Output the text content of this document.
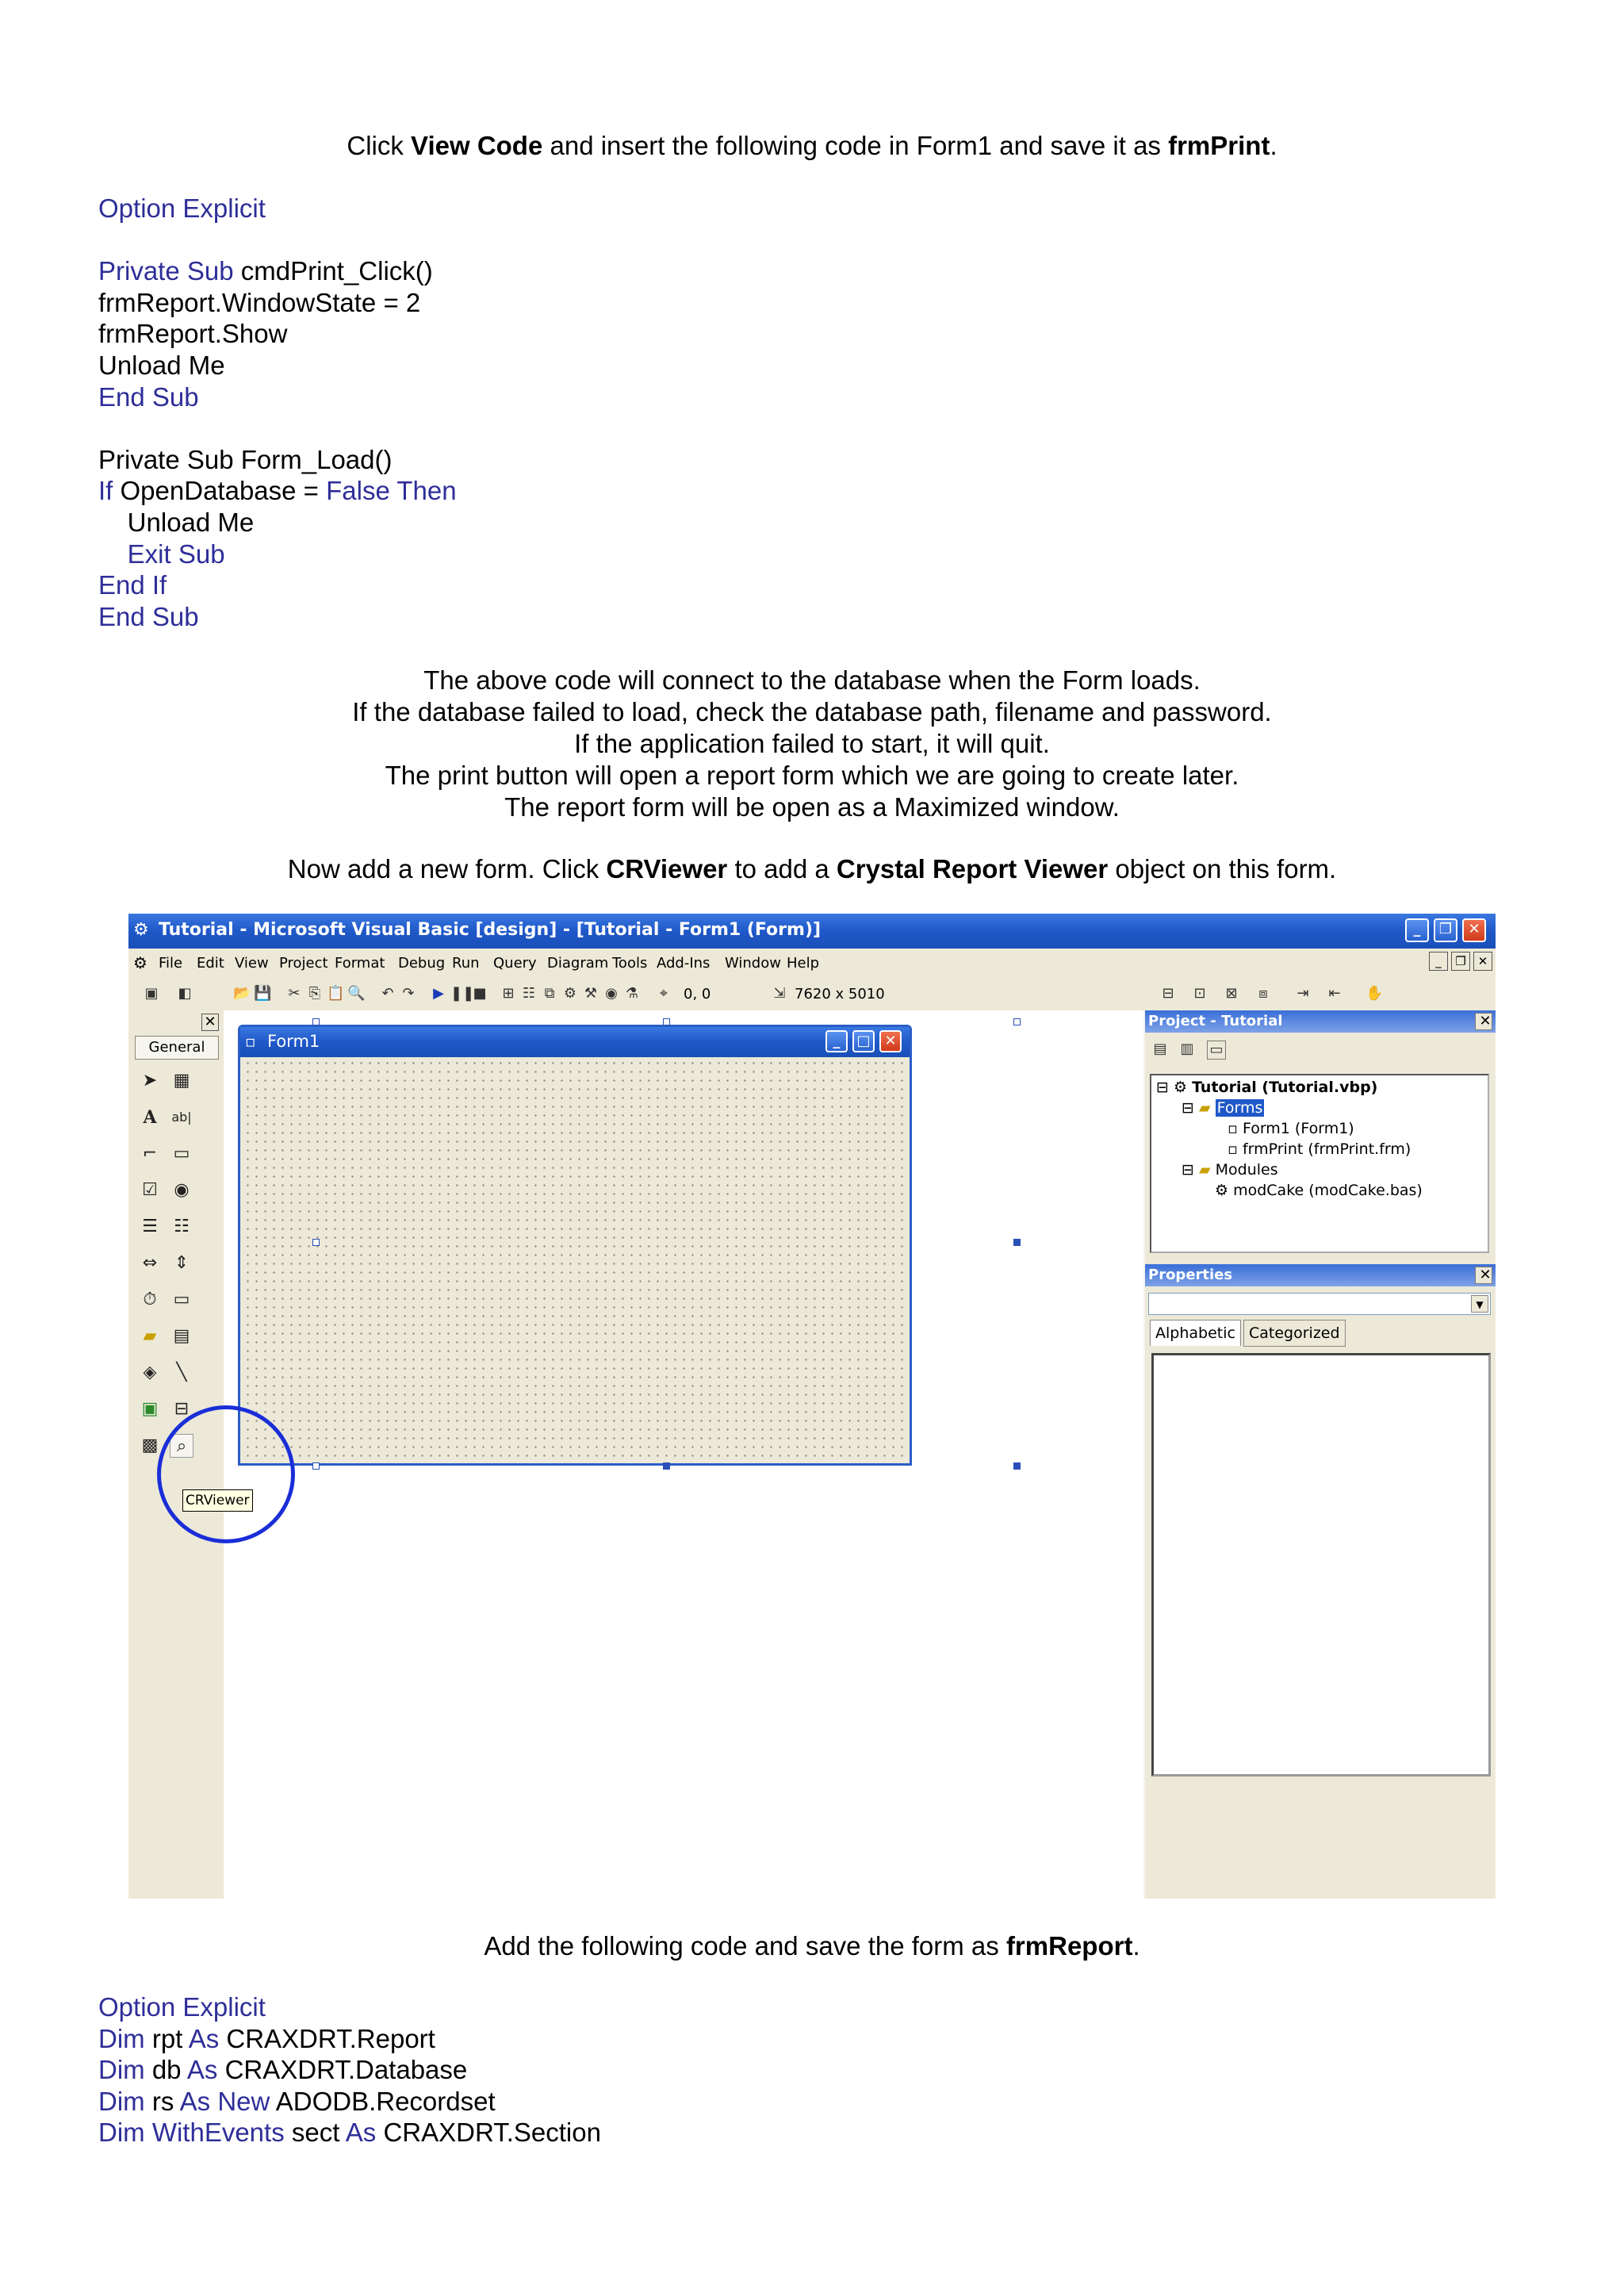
Click View Code and insert the following code in Form1 and save it as frmPrint.
Option Explicit
Private Sub cmdPrint_Click()
frmReport.WindowState = 2
frmReport.Show
Unload Me
End Sub
Private Sub Form_Load()
If OpenDatabase = False Then
Unload Me
Exit Sub
End If
End Sub
The above code will connect to the database when the Form loads.
If the database failed to load, check the database path, filename and password.
If the application failed to start, it will quit.
The print button will open a report form which we are going to create later.
The report form will be open as a Maximized window.
Now add a new form. Click CRViewer to add a Crystal Report Viewer object on this form.
⚙ Tutorial - Microsoft Visual Basic [design] - [Tutorial - Form1 (Form)]	_	❐	✕
⚙ File Edit View Project Format Debug Run Query Diagram Tools Add-Ins Window Help	_	❐ ✕
▣ ◧	📂 💾 ✂ ⎘ 📋 🔍 ↶ ↷ ▶ ❚❚
■ ⊞ ☷ ⧉ ⚙ ⚒ ◉ ⚗	⌖	0, 0	⇲ 7620 x 5010	⊟ ⊡ ⊠ ⧈ ⇥ ⇤ ✋
✕
General
➤ ▦
A	ab|
⌐ ▭
☑ ◉
☰ ☷
⇔ ⇕
⏱ ▭
▰ ▤
◈	╲
▣ ⊟
▩	⌕
▫ Form1	_	□ ✕
CRViewer
Project - Tutorial	✕
▤ ▥ ▭
⊟ ⚙ Tutorial (Tutorial.vbp)
⊟ ▰ Forms
▫ Form1 (Form1)
▫ frmPrint (frmPrint.frm)
⊟ ▰ Modules
⚙ modCake (modCake.bas)
Properties	✕
▼
Alphabetic Categorized
Add the following code and save the form as frmReport.
Option Explicit
Dim rpt As CRAXDRT.Report
Dim db As CRAXDRT.Database
Dim rs As New ADODB.Recordset
Dim WithEvents sect As CRAXDRT.Section
